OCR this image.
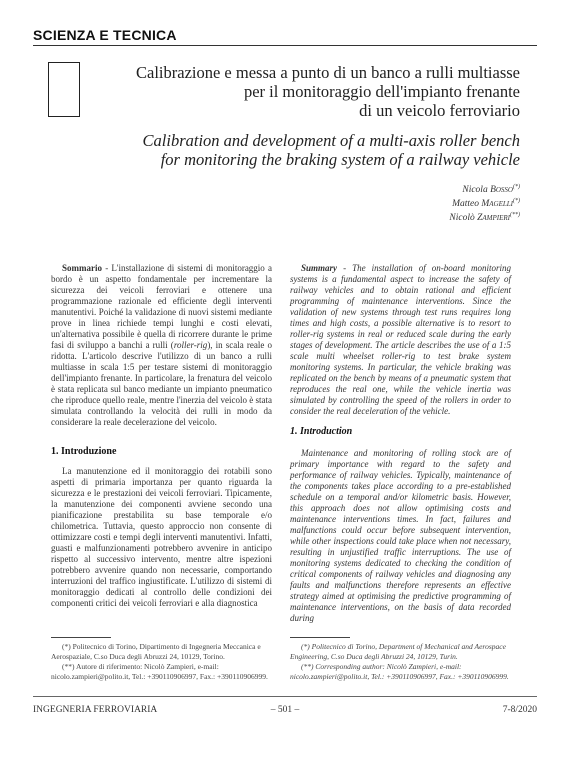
SCIENZA E TECNICA
Calibrazione e messa a punto di un banco a rulli multiasse
per il monitoraggio dell'impianto frenante
di un veicolo ferroviario
Calibration and development of a multi-axis roller bench
for monitoring the braking system of a railway vehicle
Nicola Bosso(*)
Matteo Magelli(*)
Nicolò Zampieri(**)

Sommario - L'installazione di sistemi di monitoraggio a bordo è un aspetto fondamentale per incrementare la sicurezza dei veicoli ferroviari e ottenere una programmazione razionale ed efficiente degli interventi manutentivi. Poiché la validazione di nuovi sistemi mediante prove in linea richiede tempi lunghi e costi elevati, un'alternativa possibile è quella di ricorrere durante le prime fasi di sviluppo a banchi a rulli (roller-rig), in scala reale o ridotta. L'articolo descrive l'utilizzo di un banco a rulli multiasse in scala 1:5 per testare sistemi di monitoraggio dell'impianto frenante. In particolare, la frenatura del veicolo è stata replicata sul banco mediante un impianto pneumatico che riproduce quello reale, mentre l'inerzia del veicolo è stata simulata controllando la velocità dei rulli in modo da considerare la reale decelerazione del veicolo.

1. Introduzione

La manutenzione ed il monitoraggio dei rotabili sono aspetti di primaria importanza per quanto riguarda la sicurezza e le prestazioni dei veicoli ferroviari. Tipicamente, la manutenzione dei componenti avviene secondo una pianificazione prestabilita su base temporale e/o chilometrica. Tuttavia, questo approccio non consente di ottimizzare costi e tempi degli interventi manutentivi. Infatti, guasti e malfunzionamenti potrebbero avvenire in anticipo rispetto al successivo intervento, mentre altre ispezioni potrebbero avvenire quando non necessarie, comportando interruzioni del traffico ingiustificate. L'utilizzo di sistemi di monitoraggio dedicati al controllo delle condizioni dei componenti critici dei veicoli ferroviari e alla diagnostica

Summary - The installation of on-board monitoring systems is a fundamental aspect to increase the safety of railway vehicles and to obtain rational and efficient programming of maintenance interventions. Since the validation of new systems through test runs requires long times and high costs, a possible alternative is to resort to roller-rig systems in real or reduced scale during the early stages of development. The article describes the use of a 1:5 scale multi wheelset roller-rig to test brake system monitoring systems. In particular, the vehicle braking was replicated on the bench by means of a pneumatic system that reproduces the real one, while the vehicle inertia was simulated by controlling the speed of the rollers in order to consider the real deceleration of the vehicle.

1. Introduction

Maintenance and monitoring of rolling stock are of primary importance with regard to the safety and performance of railway vehicles. Typically, maintenance of the components takes place according to a pre-established schedule on a temporal and/or kilometric basis. However, this approach does not allow optimising costs and maintenance interventions times. In fact, failures and malfunctions could occur before subsequent intervention, while other inspections could take place when not necessary, resulting in unjustified traffic interruptions. The use of monitoring systems dedicated to checking the condition of critical components of railway vehicles and diagnosing any faults and malfunctions therefore represents an effective strategy aimed at optimising the predictive programming of maintenance interventions, on the basis of data recorded during

(*) Politecnico di Torino, Dipartimento di Ingegneria Meccanica e Aerospaziale, C.so Duca degli Abruzzi 24, 10129, Torino.

(**) Autore di riferimento: Nicolò Zampieri, e-mail: nicolo.zampieri@polito.it, Tel.: +390110906997, Fax.: +390110906999.

(*) Politecnico di Torino, Department of Mechanical and Aerospace Engineering, C.so Duca degli Abruzzi 24, 10129, Turin.

(**) Corresponding author: Nicolò Zampieri, e-mail: nicolo.zampieri@polito.it, Tel.: +390110906997, Fax.: +390110906999.

INGEGNERIA FERROVIARIA	– 501 –	7-8/2020
